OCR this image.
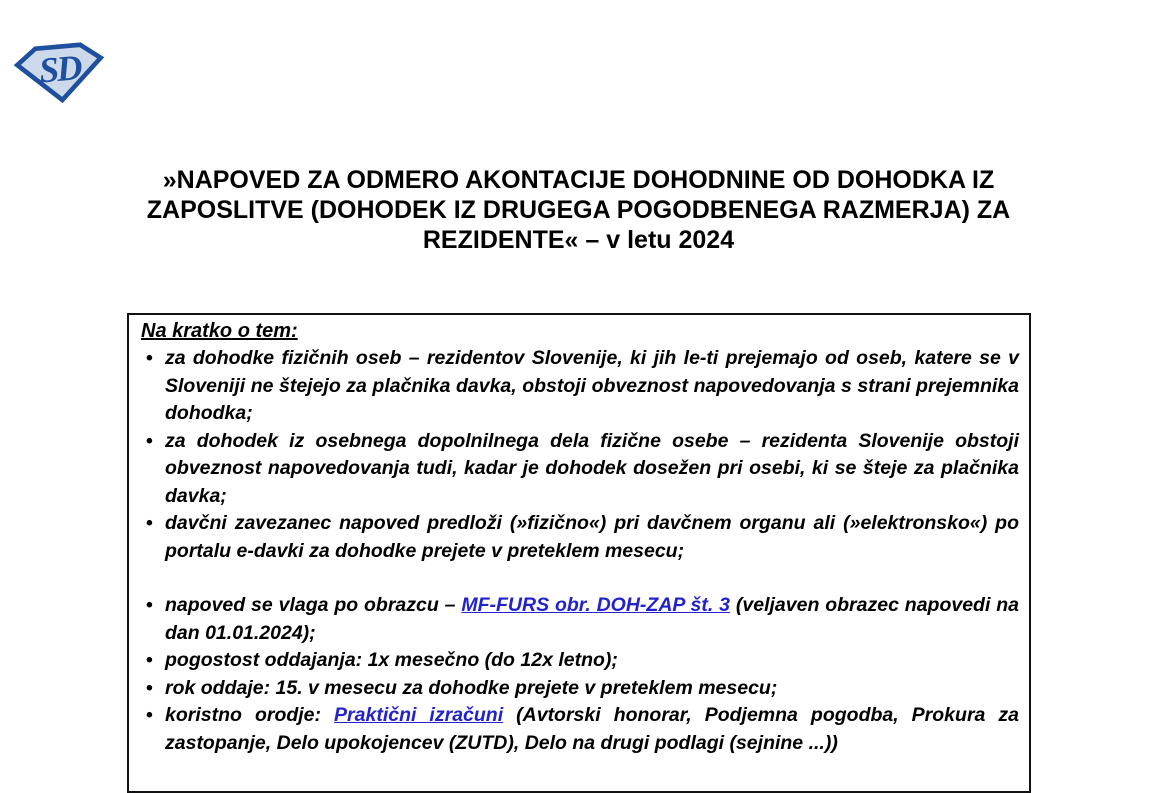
SD
»NAPOVED ZA ODMERO AKONTACIJE DOHODNINE OD DOHODKA IZ ZAPOSLITVE (DOHODEK IZ DRUGEGA POGODBENEGA RAZMERJA) ZA REZIDENTE« – v letu 2024
Na kratko o tem:
• za dohodke fizičnih oseb – rezidentov Slovenije, ki jih le-ti prejemajo od oseb, katere se v Sloveniji ne štejejo za plačnika davka, obstoji obveznost napovedovanja s strani prejemnika dohodka;
• za dohodek iz osebnega dopolnilnega dela fizične osebe – rezidenta Slovenije obstoji obveznost napovedovanja tudi, kadar je dohodek dosežen pri osebi, ki se šteje za plačnika davka;
• davčni zavezanec napoved predloži (»fizično«) pri davčnem organu ali (»elektronsko«) po portalu e-davki za dohodke prejete v preteklem mesecu;
• napoved se vlaga po obrazcu – MF-FURS obr. DOH-ZAP št. 3 (veljaven obrazec napovedi na dan 01.01.2024);
• pogostost oddajanja: 1x mesečno (do 12x letno);
• rok oddaje: 15. v mesecu za dohodke prejete v preteklem mesecu;
• koristno orodje: Praktični izračuni (Avtorski honorar, Podjemna pogodba, Prokura za zastopanje, Delo upokojencev (ZUTD), Delo na drugi podlagi (sejnine ...))
